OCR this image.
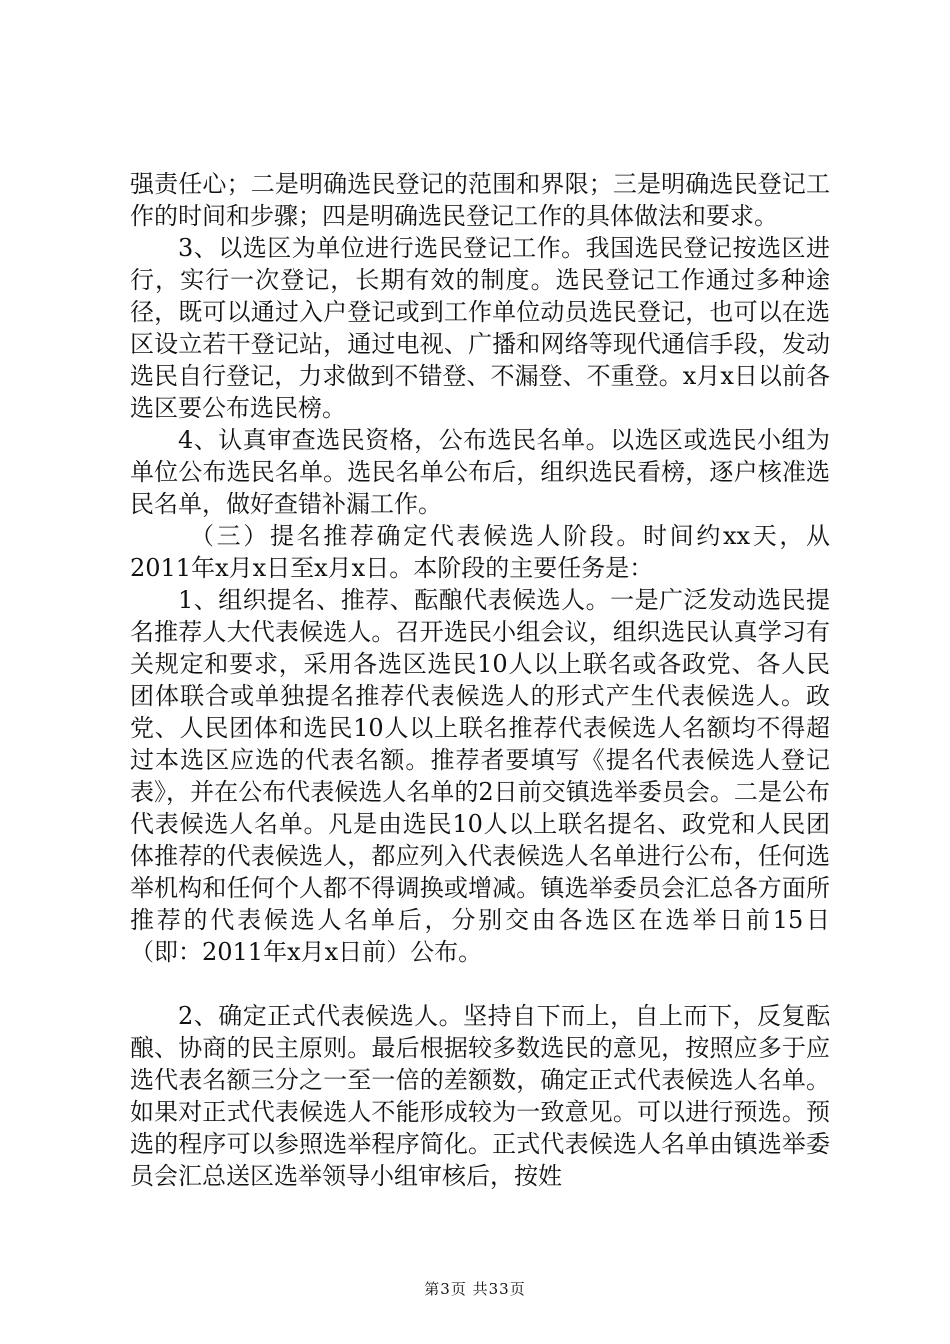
强责任心；二是明确选民登记的范围和界限；三是明确选民登记工作的时间和步骤；四是明确选民登记工作的具体做法和要求。

3、以选区为单位进行选民登记工作。我国选民登记按选区进行，实行一次登记，长期有效的制度。选民登记工作通过多种途径，既可以通过入户登记或到工作单位动员选民登记，也可以在选区设立若干登记站，通过电视、广播和网络等现代通信手段，发动选民自行登记，力求做到不错登、不漏登、不重登。x月x日以前各选区要公布选民榜。

4、认真审查选民资格，公布选民名单。以选区或选民小组为单位公布选民名单。选民名单公布后，组织选民看榜，逐户核准选民名单，做好查错补漏工作。

（三）提名推荐确定代表候选人阶段。时间约xx天，从2011年x月x日至x月x日。本阶段的主要任务是：

1、组织提名、推荐、酝酿代表候选人。一是广泛发动选民提名推荐人大代表候选人。召开选民小组会议，组织选民认真学习有关规定和要求，采用各选区选民10人以上联名或各政党、各人民团体联合或单独提名推荐代表候选人的形式产生代表候选人。政党、人民团体和选民10人以上联名推荐代表候选人名额均不得超过本选区应选的代表名额。推荐者要填写《提名代表候选人登记表》，并在公布代表候选人名单的2日前交镇选举委员会。二是公布代表候选人名单。凡是由选民10人以上联名提名、政党和人民团体推荐的代表候选人，都应列入代表候选人名单进行公布，任何选举机构和任何个人都不得调换或增减。镇选举委员会汇总各方面所推荐的代表候选人名单后，分别交由各选区在选举日前15日（即：2011年x月x日前）公布。

2、确定正式代表候选人。坚持自下而上，自上而下，反复酝酿、协商的民主原则。最后根据较多数选民的意见，按照应多于应选代表名额三分之一至一倍的差额数，确定正式代表候选人名单。如果对正式代表候选人不能形成较为一致意见。可以进行预选。预选的程序可以参照选举程序简化。正式代表候选人名单由镇选举委员会汇总送区选举领导小组审核后，按姓

第3页 共33页
